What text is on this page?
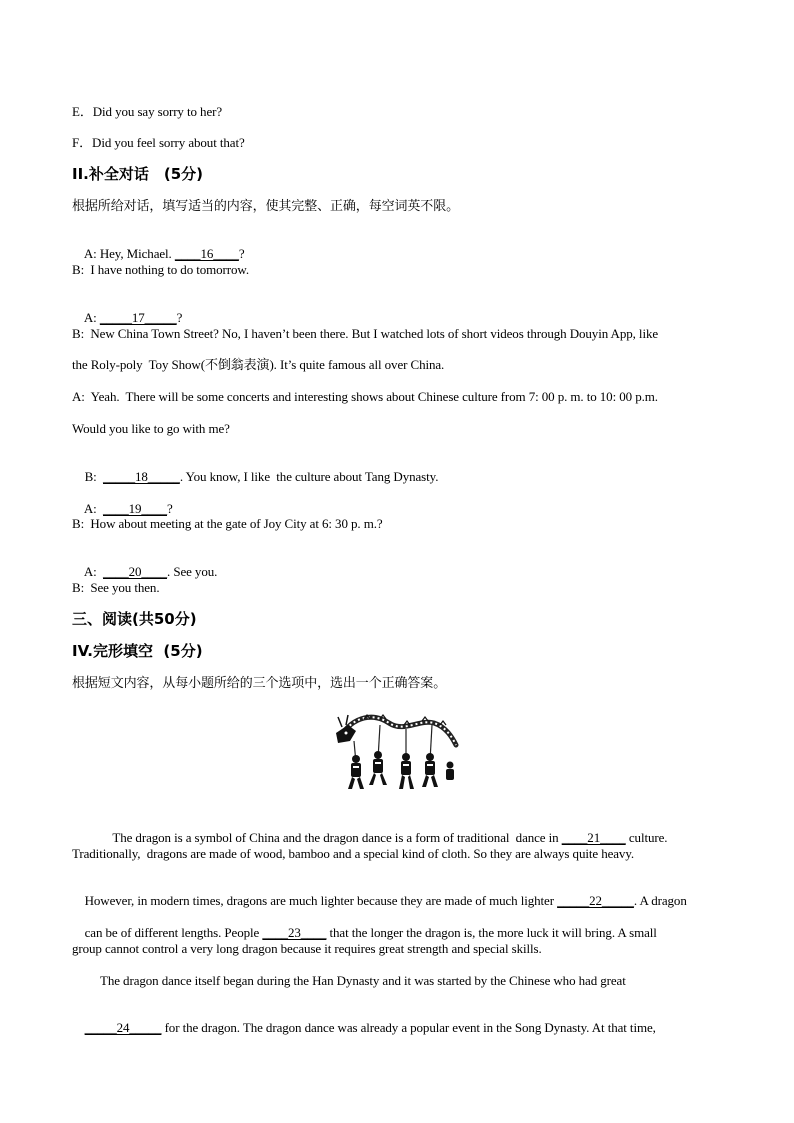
E．Did you say sorry to her?
F．Did you feel sorry about that?
II.补全对话　(5分)
根据所给对话，填写适当的内容，使其完整、正确，每空词英不限。

A: Hey, Michael. ____16____?

B:  I have nothing to do tomorrow.

A: _____17_____?

B:  New China Town Street? No, I haven’t been there. But I watched lots of short videos through Douyin App, like
the Roly-poly  Toy Show(不倒翁表演). It’s quite famous all over China.
A:  Yeah.  There will be some concerts and interesting shows about Chinese culture from 7: 00 p. m. to 10: 00 p.m.
Would you like to go with me?

B:  _____18_____. You know, I like  the culture about Tang Dynasty.

A:  ____19____?

B:  How about meeting at the gate of Joy City at 6: 30 p. m.?

A:  ____20____. See you.

B:  See you then.
三、阅读(共50分)
IV.完形填空  (5分)
根据短文内容，从每小题所给的三个选项中，选出一个正确答案。

The dragon is a symbol of China and the dragon dance is a form of traditional  dance in ____21____ culture.

Traditionally,  dragons are made of wood, bamboo and a special kind of cloth. So they are always quite heavy.

However, in modern times, dragons are much lighter because they are made of much lighter _____22_____. A dragon

can be of different lengths. People ____23____ that the longer the dragon is, the more luck it will bring. A small

group cannot control a very long dragon because it requires great strength and special skills.
The dragon dance itself began during the Han Dynasty and it was started by the Chinese who had great

_____24_____ for the dragon. The dragon dance was already a popular event in the Song Dynasty. At that time,
